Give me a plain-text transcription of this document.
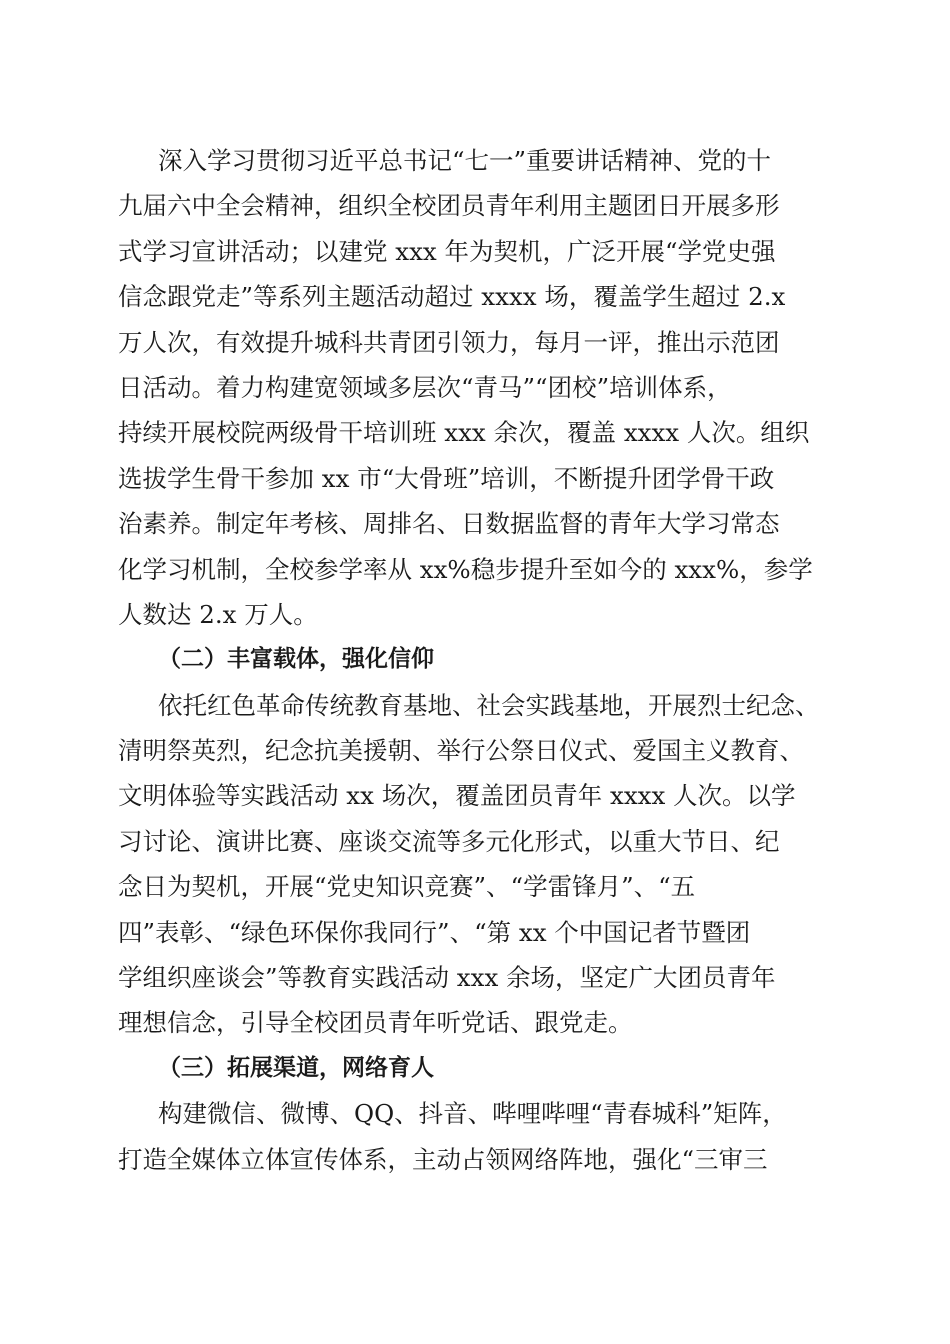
深入学习贯彻习近平总书记“七一”重要讲话精神、党的十
九届六中全会精神，组织全校团员青年利用主题团日开展多形
式学习宣讲活动；以建党 xxx 年为契机，广泛开展“学党史强
信念跟党走”等系列主题活动超过 xxxx 场，覆盖学生超过 2.x
万人次，有效提升城科共青团引领力，每月一评，推出示范团
日活动。着力构建宽领域多层次“青马”“团校”培训体系，
持续开展校院两级骨干培训班 xxx 余次，覆盖 xxxx 人次。组织
选拔学生骨干参加 xx 市“大骨班”培训，不断提升团学骨干政
治素养。制定年考核、周排名、日数据监督的青年大学习常态
化学习机制，全校参学率从 xx%稳步提升至如今的 xxx%，参学
人数达 2.x 万人。
（二）丰富载体，强化信仰
依托红色革命传统教育基地、社会实践基地，开展烈士纪念、
清明祭英烈，纪念抗美援朝、举行公祭日仪式、爱国主义教育、
文明体验等实践活动 xx 场次，覆盖团员青年 xxxx 人次。以学
习讨论、演讲比赛、座谈交流等多元化形式，以重大节日、纪
念日为契机，开展“党史知识竞赛”、“学雷锋月”、“五
四”表彰、“绿色环保你我同行”、“第 xx 个中国记者节暨团
学组织座谈会”等教育实践活动 xxx 余场，坚定广大团员青年
理想信念，引导全校团员青年听党话、跟党走。
（三）拓展渠道，网络育人
构建微信、微博、QQ、抖音、哔哩哔哩“青春城科”矩阵，
打造全媒体立体宣传体系，主动占领网络阵地，强化“三审三
